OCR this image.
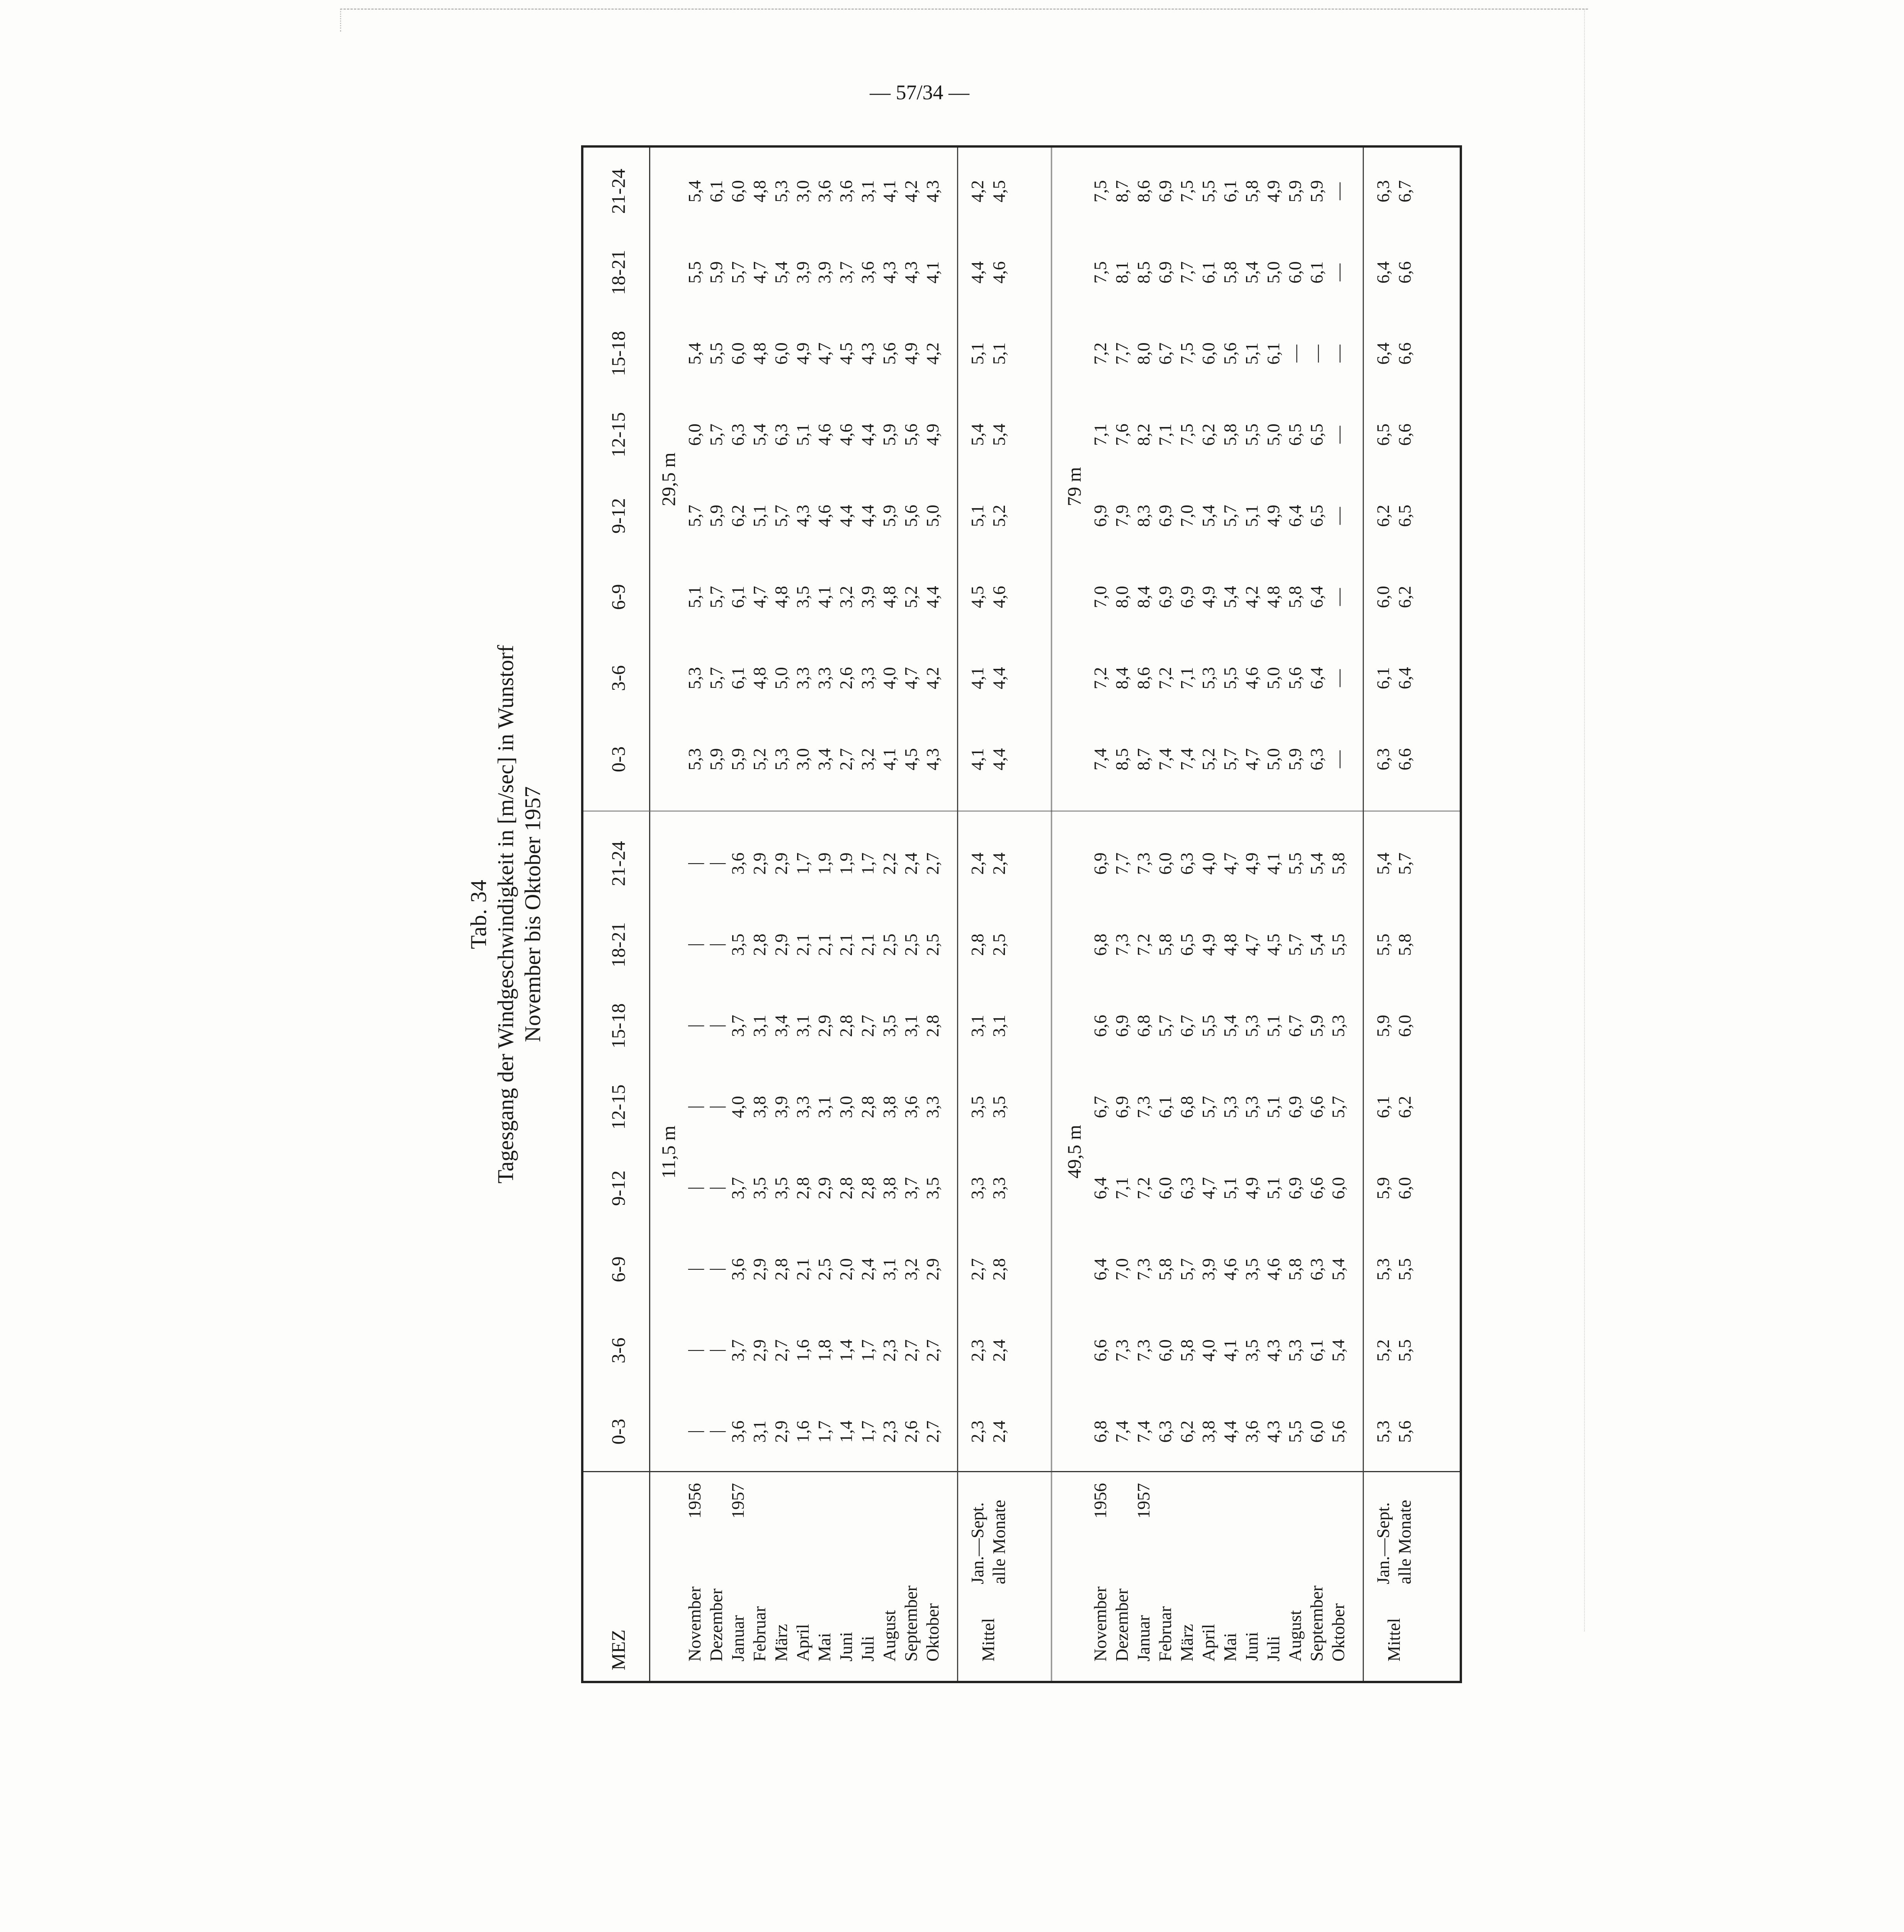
— 57/34 —
Tab. 34 Tagesgang der Windgeschwindigkeit in [m/sec] in Wunstorf November bis Oktober 1957
MEZ
0-3
0-3
3-6
3-6
6-9
6-9
9-12
9-12
12-15
12-15
15-18
15-18
18-21
18-21
21-24
21-24
11,5 m
29,5 m
November
1956
Dezember Januar
1957
Februar März April Mai Juni Juli August September Oktober
|
|
|
|
|
|
|
|
|
|
|
|
|
|
|
|
3,6
3,7
3,6
3,7
4,0
3,7
3,5
3,6
3,1
2,9
2,9
3,5
3,8
3,1
2,8
2,9
2,9
2,7
2,8
3,5
3,9
3,4
2,9
2,9
1,6
1,6
2,1
2,8
3,3
3,1
2,1
1,7
1,7
1,8
2,5
2,9
3,1
2,9
2,1
1,9
1,4
1,4
2,0
2,8
3,0
2,8
2,1
1,9
1,7
1,7
2,4
2,8
2,8
2,7
2,1
1,7
2,3
2,3
3,1
3,8
3,8
3,5
2,5
2,2
2,6
2,7
3,2
3,7
3,6
3,1
2,5
2,4
2,7
2,7
2,9
3,5
3,3
2,8
2,5
2,7
2,3
2,3
2,7
3,3
3,5
3,1
2,8
2,4
2,4
2,4
2,8
3,3
3,5
3,1
2,5
2,4
5,3
5,3
5,1
5,7
6,0
5,4
5,5
5,4
5,9
5,7
5,7
5,9
5,7
5,5
5,9
6,1
5,9
6,1
6,1
6,2
6,3
6,0
5,7
6,0
5,2
4,8
4,7
5,1
5,4
4,8
4,7
4,8
5,3
5,0
4,8
5,7
6,3
6,0
5,4
5,3
3,0
3,3
3,5
4,3
5,1
4,9
3,9
3,0
3,4
3,3
4,1
4,6
4,6
4,7
3,9
3,6
2,7
2,6
3,2
4,4
4,6
4,5
3,7
3,6
3,2
3,3
3,9
4,4
4,4
4,3
3,6
3,1
4,1
4,0
4,8
5,9
5,9
5,6
4,3
4,1
4,5
4,7
5,2
5,6
5,6
4,9
4,3
4,2
4,3
4,2
4,4
5,0
4,9
4,2
4,1
4,3
4,1
4,1
4,5
5,1
5,4
5,1
4,4
4,2
4,4
4,4
4,6
5,2
5,4
5,1
4,6
4,5
Mittel
Jan.—Sept. alle Monate
49,5 m
79 m
November
1956
Dezember Januar
1957
Februar März April Mai Juni Juli August September Oktober
6,8
6,6
6,4
6,4
6,7
6,6
6,8
6,9
7,4
7,3
7,0
7,1
6,9
6,9
7,3
7,7
7,4
7,3
7,3
7,2
7,3
6,8
7,2
7,3
6,3
6,0
5,8
6,0
6,1
5,7
5,8
6,0
6,2
5,8
5,7
6,3
6,8
6,7
6,5
6,3
3,8
4,0
3,9
4,7
5,7
5,5
4,9
4,0
4,4
4,1
4,6
5,1
5,3
5,4
4,8
4,7
3,6
3,5
3,5
4,9
5,3
5,3
4,7
4,9
4,3
4,3
4,6
5,1
5,1
5,1
4,5
4,1
5,5
5,3
5,8
6,9
6,9
6,7
5,7
5,5
6,0
6,1
6,3
6,6
6,6
5,9
5,4
5,4
5,6
5,4
5,4
6,0
5,7
5,3
5,5
5,8
5,3
5,2
5,3
5,9
6,1
5,9
5,5
5,4
5,6
5,5
5,5
6,0
6,2
6,0
5,8
5,7
7,4
7,2
7,0
6,9
7,1
7,2
7,5
7,5
8,5
8,4
8,0
7,9
7,6
7,7
8,1
8,7
8,7
8,6
8,4
8,3
8,2
8,0
8,5
8,6
7,4
7,2
6,9
6,9
7,1
6,7
6,9
6,9
7,4
7,1
6,9
7,0
7,5
7,5
7,7
7,5
5,2
5,3
4,9
5,4
6,2
6,0
6,1
5,5
5,7
5,5
5,4
5,7
5,8
5,6
5,8
6,1
4,7
4,6
4,2
5,1
5,5
5,1
5,4
5,8
5,0
5,0
4,8
4,9
5,0
6,1
5,0
4,9
5,9
5,6
5,8
6,4
6,5
—
6,0
5,9
6,3
6,4
6,4
6,5
6,5
—
6,1
5,9
—
—
—
—
—
—
—
—
6,3
6,1
6,0
6,2
6,5
6,4
6,4
6,3
6,6
6,4
6,2
6,5
6,6
6,6
6,6
6,7
Mittel
Jan.—Sept. alle Monate
